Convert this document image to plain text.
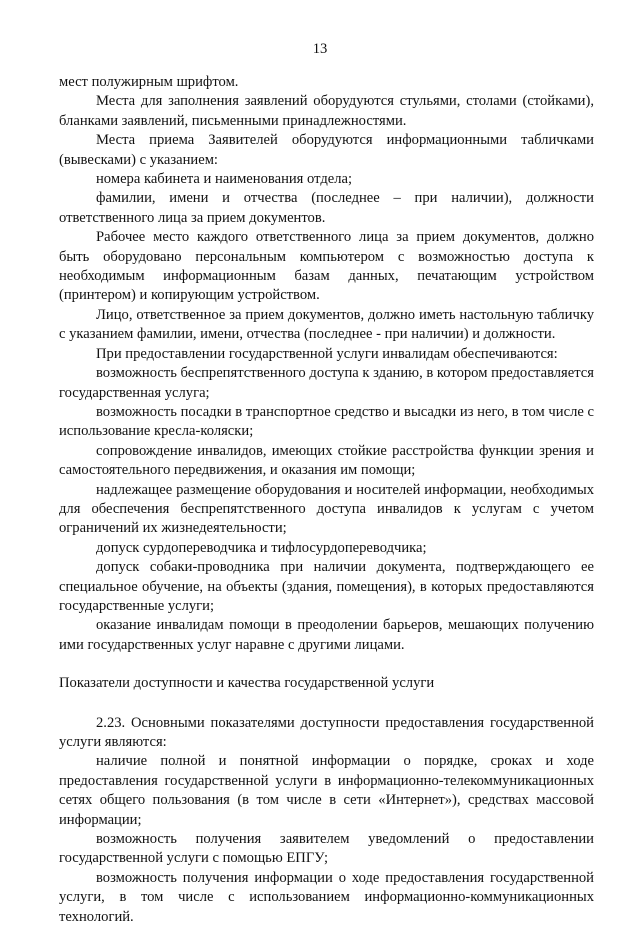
13

мест полужирным шрифтом.

Места для заполнения заявлений оборудуются стульями, столами (стойками), бланками заявлений, письменными принадлежностями.

Места приема Заявителей оборудуются информационными табличками (вывесками) с указанием:

номера кабинета и наименования отдела;

фамилии, имени и отчества (последнее – при наличии), должности ответственного лица за прием документов.

Рабочее место каждого ответственного лица за прием документов, должно быть оборудовано персональным компьютером с возможностью доступа к необходимым информационным базам данных, печатающим устройством (принтером) и копирующим устройством.

Лицо, ответственное за прием документов, должно иметь настольную табличку с указанием фамилии, имени, отчества (последнее - при наличии) и должности.

При предоставлении государственной услуги инвалидам обеспечиваются:

возможность беспрепятственного доступа к зданию, в котором предоставляется государственная услуга;

возможность посадки в транспортное средство и высадки из него, в том числе с использование кресла-коляски;

сопровождение инвалидов, имеющих стойкие расстройства функции зрения и самостоятельного передвижения, и оказания им помощи;

надлежащее размещение оборудования и носителей информации, необходимых для обеспечения беспрепятственного доступа инвалидов к услугам с учетом ограничений их жизнедеятельности;

допуск сурдопереводчика и тифлосурдопереводчика;

допуск собаки-проводника при наличии документа, подтверждающего ее специальное обучение, на объекты (здания, помещения), в которых предоставляются государственные услуги;

оказание инвалидам помощи в преодолении барьеров, мешающих получению ими государственных услуг наравне с другими лицами.

Показатели доступности и качества государственной услуги

2.23. Основными показателями доступности предоставления государственной услуги являются:

наличие полной и понятной информации о порядке, сроках и ходе предоставления государственной услуги в информационно-телекоммуникационных сетях общего пользования (в том числе в сети «Интернет»), средствах массовой информации;

возможность получения заявителем уведомлений о предоставлении государственной услуги с помощью ЕПГУ;

возможность получения информации о ходе предоставления государственной услуги, в том числе с использованием информационно-коммуникационных технологий.
